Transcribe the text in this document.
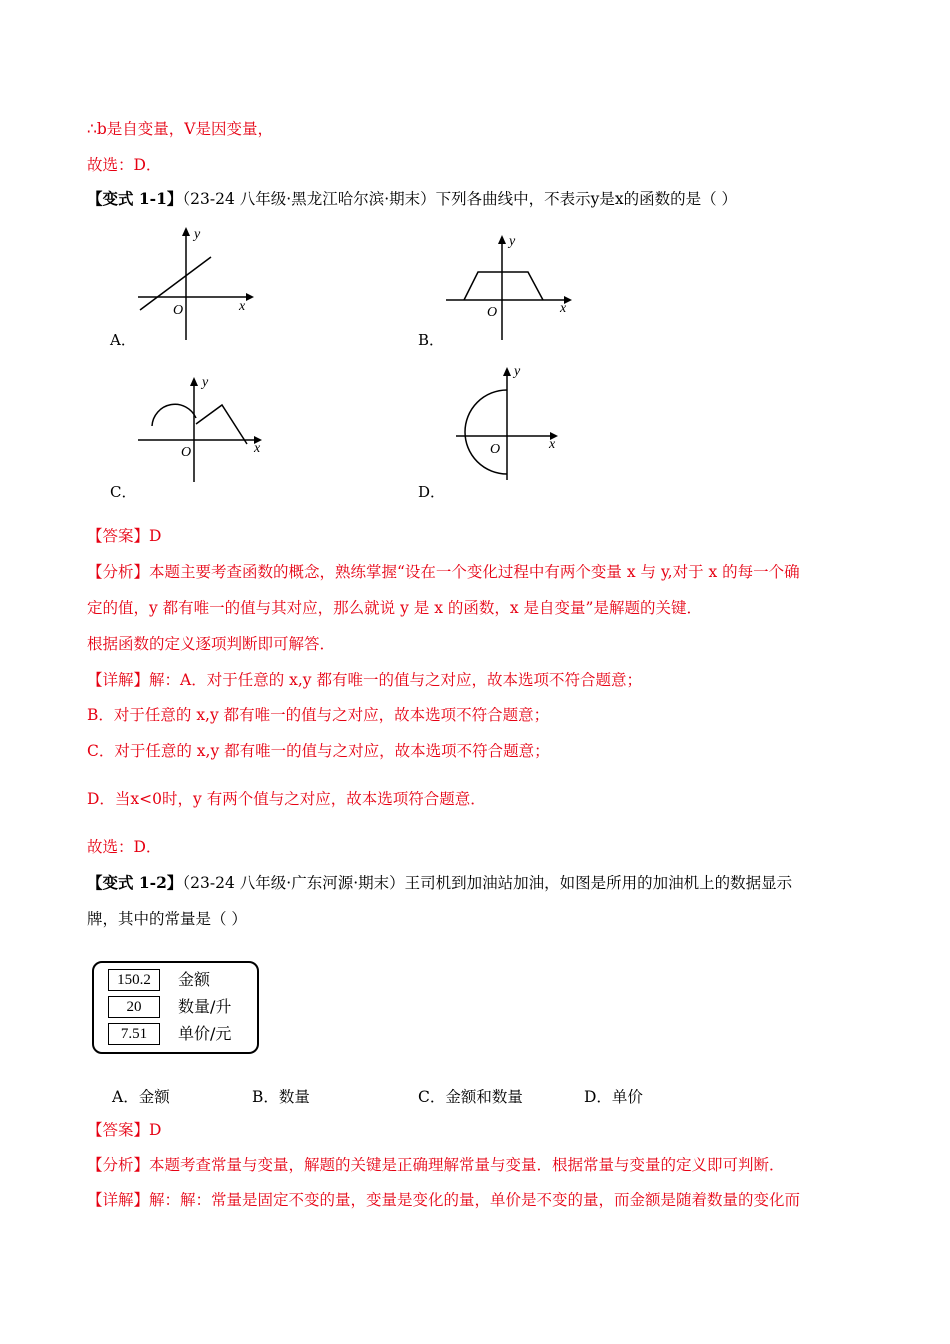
∴b是自变量，V是因变量，
故选：D．
【变式 1-1】（23-24 八年级·黑龙江哈尔滨·期末）下列各曲线中，不表示y是x的函数的是（ ）
y
x
O
A．
y
x
O
B．
y
x
O
C．
y
x
O
D．
【答案】D
【分析】本题主要考查函数的概念，熟练掌握“设在一个变化过程中有两个变量 x 与 y,对于 x 的每一个确
定的值，y 都有唯一的值与其对应，那么就说 y 是 x 的函数，x 是自变量”是解题的关键．
根据函数的定义逐项判断即可解答．
【详解】解：A．对于任意的 x,y 都有唯一的值与之对应，故本选项不符合题意；
B．对于任意的 x,y 都有唯一的值与之对应，故本选项不符合题意；
C．对于任意的 x,y 都有唯一的值与之对应，故本选项不符合题意；
D．当x<0时，y 有两个值与之对应，故本选项符合题意．
故选：D．
【变式 1-2】（23-24 八年级·广东河源·期末）王司机到加油站加油，如图是所用的加油机上的数据显示
牌，其中的常量是（ ）
150.2	金额
20	数量/升
7.51	单价/元
A．金额	B．数量	C．金额和数量	D．单价
【答案】D
【分析】本题考查常量与变量，解题的关键是正确理解常量与变量．根据常量与变量的定义即可判断．
【详解】解：解：常量是固定不变的量，变量是变化的量，单价是不变的量，而金额是随着数量的变化而
